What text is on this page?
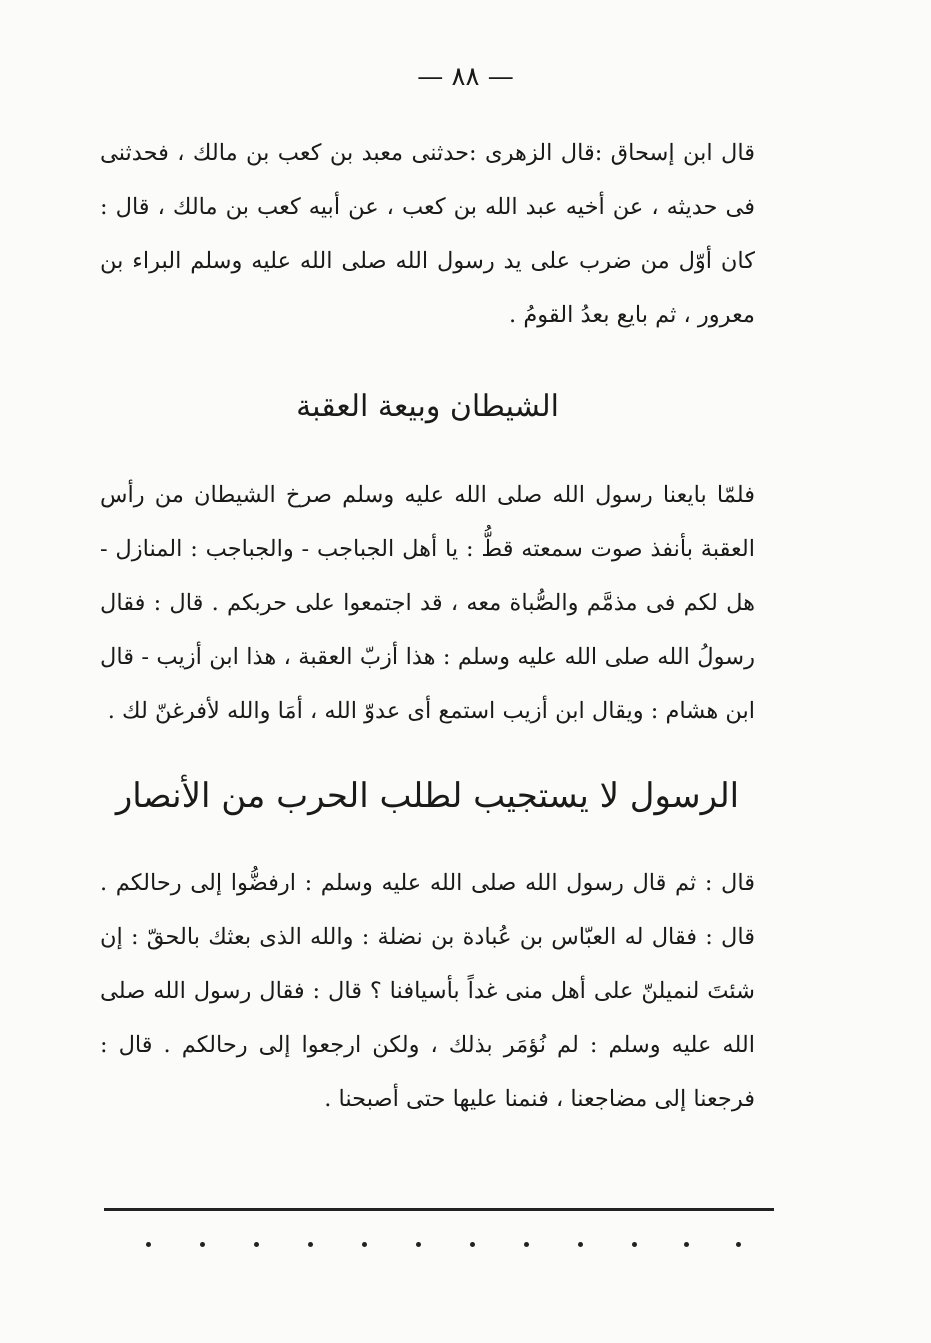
— ٨٨ —

قال ابن إسحاق :قال الزهرى :حدثنى معبد بن كعب بن مالك ، فحدثنى فى حديثه ، عن أخيه عبد الله بن كعب ، عن أبيه كعب بن مالك ، قال : كان أوّل من ضرب على يد رسول الله صلى الله عليه وسلم البراء بن معرور ، ثم بايع بعدُ القومُ .

الشيطان وبيعة العقبة

فلمّا بايعنا رسول الله صلى الله عليه وسلم صرخ الشيطان من رأس العقبة بأنفذ صوت سمعته قطُّ : يا أهل الجباجب - والجباجب : المنازل - هل لكم فى مذمَّم والصُّباة معه ، قد اجتمعوا على حربكم . قال : فقال رسولُ الله صلى الله عليه وسلم : هذا أزبّ العقبة ، هذا ابن أزيب - قال ابن هشام : ويقال ابن أزيب استمع أى عدوّ الله ، أمَا والله لأفرغنّ لك .

الرسول لا يستجيب لطلب الحرب من الأنصار

قال : ثم قال رسول الله صلى الله عليه وسلم : ارفضُّوا إلى رحالكم . قال : فقال له العبّاس بن عُبادة بن نضلة : والله الذى بعثك بالحقّ : إن شئتَ لنميلنّ على أهل منى غداً بأسيافنا ؟ قال : فقال رسول الله صلى الله عليه وسلم : لم نُؤمَر بذلك ، ولكن ارجعوا إلى رحالكم . قال : فرجعنا إلى مضاجعنا ، فنمنا عليها حتى أصبحنا .
